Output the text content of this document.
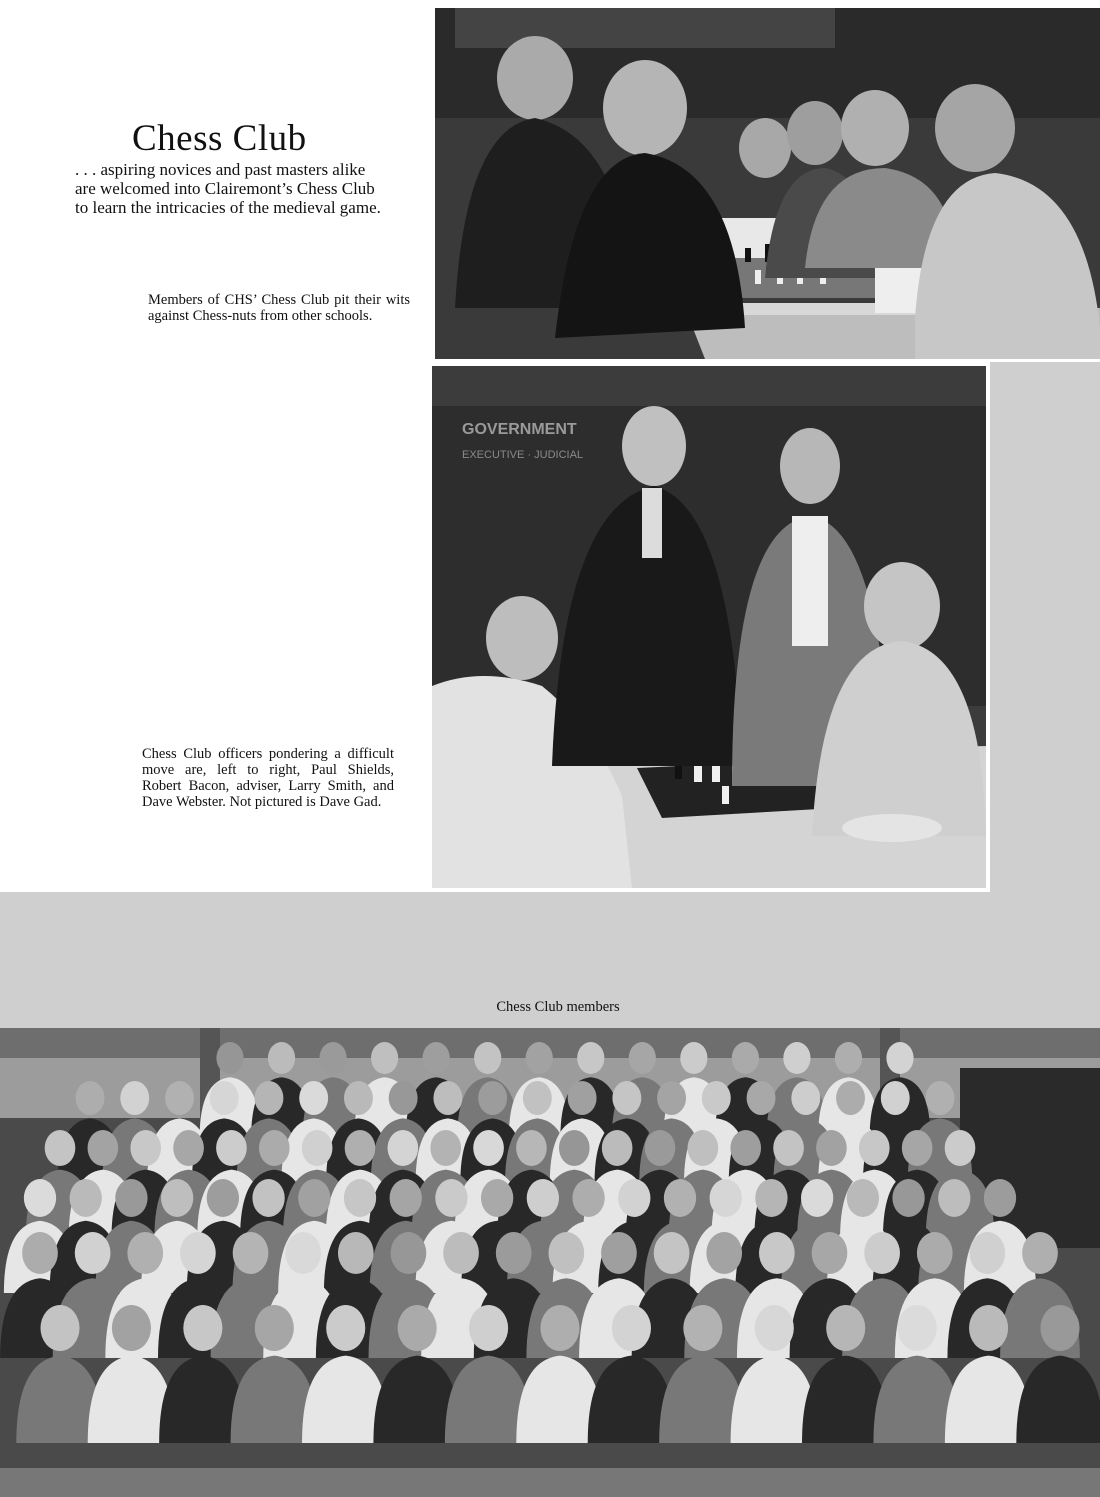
Chess Club

. . . aspiring novices and past masters alike are welcomed into Clairemont’s Chess Club to learn the intricacies of the medieval game.

Members of CHS’ Chess Club pit their wits against Chess-nuts from other schools.

Chess Club officers pondering a difficult move are, left to right, Paul Shields, Robert Bacon, adviser, Larry Smith, and Dave Webster. Not pictured is Dave Gad.

Chess Club members
GOVERNMENT
EXECUTIVE · JUDICIAL
